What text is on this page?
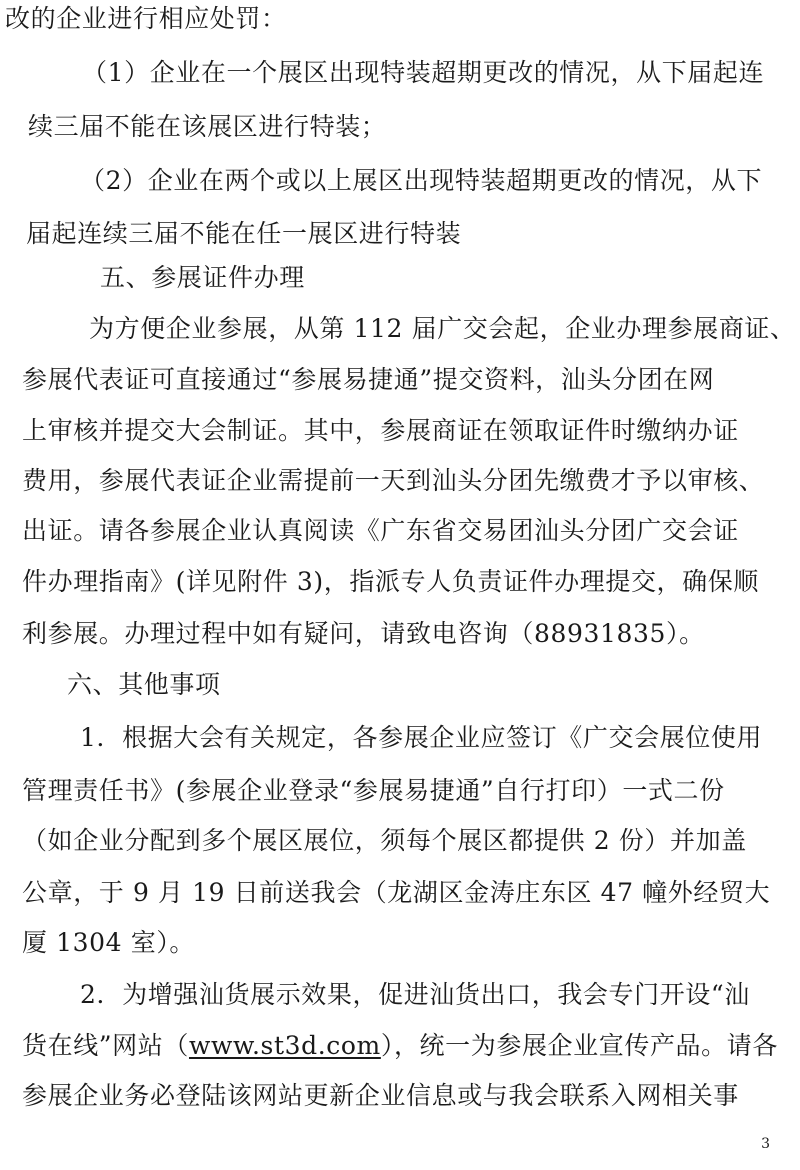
改的企业进行相应处罚：
（1）企业在一个展区出现特装超期更改的情况，从下届起连
续三届不能在该展区进行特装；
（2）企业在两个或以上展区出现特装超期更改的情况，从下
届起连续三届不能在任一展区进行特装
五、参展证件办理
为方便企业参展，从第 112 届广交会起，企业办理参展商证、
参展代表证可直接通过“参展易捷通”提交资料，汕头分团在网
上审核并提交大会制证。其中，参展商证在领取证件时缴纳办证
费用，参展代表证企业需提前一天到汕头分团先缴费才予以审核、
出证。请各参展企业认真阅读《广东省交易团汕头分团广交会证
件办理指南》(详见附件 3)，指派专人负责证件办理提交，确保顺
利参展。办理过程中如有疑问，请致电咨询（88931835）。
六、其他事项
1．根据大会有关规定，各参展企业应签订《广交会展位使用
管理责任书》(参展企业登录“参展易捷通”自行打印）一式二份
（如企业分配到多个展区展位，须每个展区都提供 2 份）并加盖
公章，于 9 月 19 日前送我会（龙湖区金涛庄东区 47 幢外经贸大
厦 1304 室）。
2．为增强汕货展示效果，促进汕货出口，我会专门开设“汕
货在线”网站（www.st3d.com），统一为参展企业宣传产品。请各
参展企业务必登陆该网站更新企业信息或与我会联系入网相关事
3
